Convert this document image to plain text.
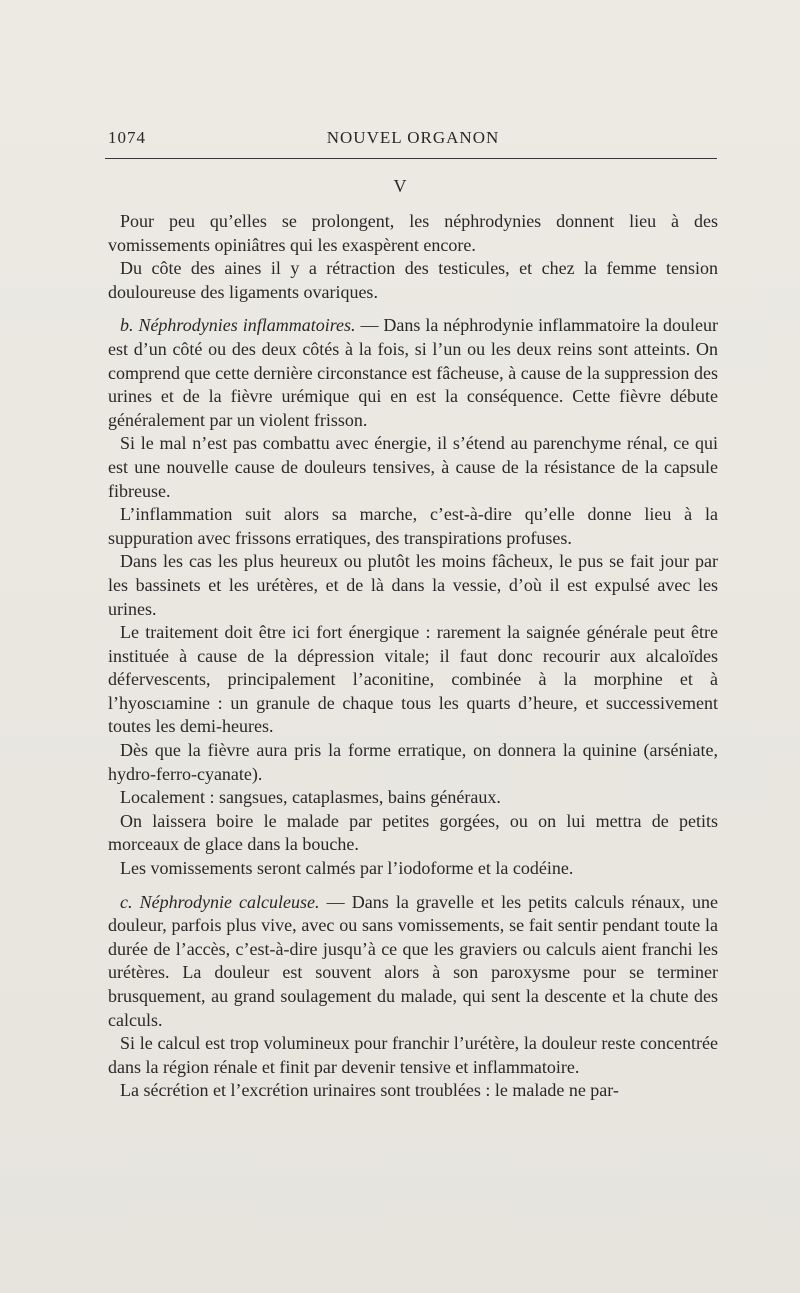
1074	NOUVEL ORGANON
V

Pour peu qu’elles se prolongent, les néphrodynies donnent lieu à des vomissements opiniâtres qui les exaspèrent encore.

Du côte des aines il y a rétraction des testicules, et chez la femme tension douloureuse des ligaments ovariques.

b. Néphrodynies inflammatoires. — Dans la néphrodynie inflammatoire la douleur est d’un côté ou des deux côtés à la fois, si l’un ou les deux reins sont atteints. On comprend que cette dernière circonstance est fâcheuse, à cause de la suppression des urines et de la fièvre urémique qui en est la conséquence. Cette fièvre débute généralement par un violent frisson.

Si le mal n’est pas combattu avec énergie, il s’étend au parenchyme rénal, ce qui est une nouvelle cause de douleurs tensives, à cause de la résistance de la capsule fibreuse.

L’inflammation suit alors sa marche, c’est-à-dire qu’elle donne lieu à la suppuration avec frissons erratiques, des transpirations profuses.

Dans les cas les plus heureux ou plutôt les moins fâcheux, le pus se fait jour par les bassinets et les urétères, et de là dans la vessie, d’où il est expulsé avec les urines.

Le traitement doit être ici fort énergique : rarement la saignée générale peut être instituée à cause de la dépression vitale; il faut donc recourir aux alcaloïdes défervescents, principalement l’aconitine, combinée à la morphine et à l’hyoscıamine : un granule de chaque tous les quarts d’heure, et successivement toutes les demi-heures.

Dès que la fièvre aura pris la forme erratique, on donnera la quinine (arséniate, hydro-ferro-cyanate).

Localement : sangsues, cataplasmes, bains généraux.

On laissera boire le malade par petites gorgées, ou on lui mettra de petits morceaux de glace dans la bouche.

Les vomissements seront calmés par l’iodoforme et la codéine.

c. Néphrodynie calculeuse. — Dans la gravelle et les petits calculs rénaux, une douleur, parfois plus vive, avec ou sans vomissements, se fait sentir pendant toute la durée de l’accès, c’est-à-dire jusqu’à ce que les graviers ou calculs aient franchi les urétères. La douleur est souvent alors à son paroxysme pour se terminer brusquement, au grand soulagement du malade, qui sent la descente et la chute des calculs.

Si le calcul est trop volumineux pour franchir l’urétère, la douleur reste concentrée dans la région rénale et finit par devenir tensive et inflammatoire.

La sécrétion et l’excrétion urinaires sont troublées : le malade ne par-
